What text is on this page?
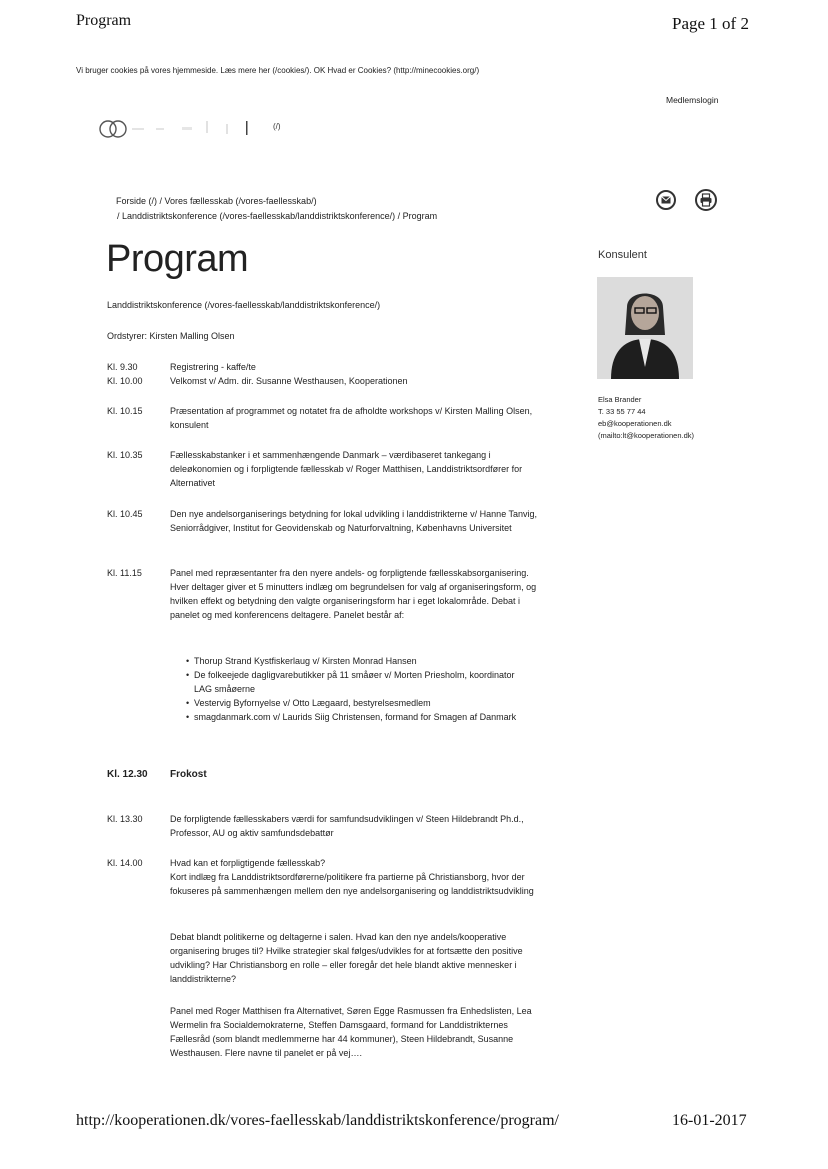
Program	Page 1 of 2
Vi bruger cookies på vores hjemmeside. Læs mere her (/cookies/). OK Hvad er Cookies? (http://minecookies.org/)
Medlemslogin
(/)
Forside (/) / Vores fællesskab (/vores-faellesskab/)
/ Landdistriktskonference (/vores-faellesskab/landdistriktskonference/) / Program
Program
Landdistriktskonference (/vores-faellesskab/landdistriktskonference/)
Ordstyrer: Kirsten Malling Olsen
Kl. 9.30	Registrering - kaffe/te
Kl. 10.00	Velkomst v/ Adm. dir. Susanne Westhausen, Kooperationen
Kl. 10.15	Præsentation af programmet og notatet fra de afholdte workshops v/ Kirsten Malling Olsen, konsulent
Kl. 10.35	Fællesskabstanker i et sammenhængende Danmark – værdibaseret tankegang i deleøkonomien og i forpligtende fællesskab v/ Roger Matthisen, Landdistriktsordfører for Alternativet
Kl. 10.45	Den nye andelsorganiserings betydning for lokal udvikling i landdistrikterne v/ Hanne Tanvig, Seniorrådgiver, Institut for Geovidenskab og Naturforvaltning, Københavns Universitet
Kl. 11.15	Panel med repræsentanter fra den nyere andels- og forpligtende fællesskabsorganisering. Hver deltager giver et 5 minutters indlæg om begrundelsen for valg af organiseringsform, og hvilken effekt og betydning den valgte organiseringsform har i eget lokalområde. Debat i panelet og med konferencens deltagere. Panelet består af:
• Thorup Strand Kystfiskerlaug v/ Kirsten Monrad Hansen
• De folkeejede dagligvarebutikker på 11 småøer v/ Morten Priesholm, koordinator LAG småøerne
• Vestervig Byfornyelse v/ Otto Lægaard, bestyrelsesmedlem
• smagdanmark.com v/ Laurids Siig Christensen, formand for Smagen af Danmark
Kl. 12.30	Frokost
Kl. 13.30	De forpligtende fællesskabers værdi for samfundsudviklingen v/ Steen Hildebrandt Ph.d., Professor, AU og aktiv samfundsdebattør
Kl. 14.00	Hvad kan et forpligtigende fællesskab?
Kort indlæg fra Landdistriktsordførerne/politikere fra partierne på Christiansborg, hvor der fokuseres på sammenhængen mellem den nye andelsorganisering og landdistriktsudvikling
Debat blandt politikerne og deltagerne i salen. Hvad kan den nye andels/kooperative organisering bruges til? Hvilke strategier skal følges/udvikles for at fortsætte den positive udvikling? Har Christiansborg en rolle – eller foregår det hele blandt aktive mennesker i landdistrikterne?
Panel med Roger Matthisen fra Alternativet, Søren Egge Rasmussen fra Enhedslisten, Lea Wermelin fra Socialdemokraterne, Steffen Damsgaard, formand for Landdistrikternes Fællesråd (som blandt medlemmerne har 44 kommuner), Steen Hildebrandt, Susanne Westhausen. Flere navne til panelet er på vej….
Konsulent
Elsa Brander
T. 33 55 77 44
eb@kooperationen.dk
(mailto:lt@kooperationen.dk)
http://kooperationen.dk/vores-faellesskab/landdistriktskonference/program/	16-01-2017
